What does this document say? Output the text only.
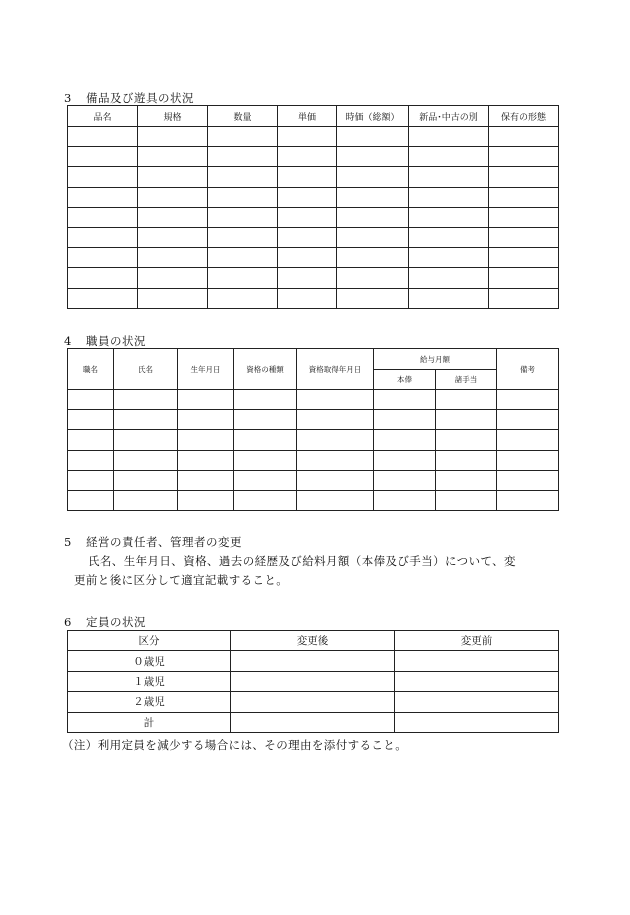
3 備品及び遊具の状況
品名	規格	数量	単価	時価（総額）	新品･中古の別	保有の形態

4 職員の状況
職名	氏名	生年月日	資格の種類	資格取得年月日	給与月額		備考
					本俸	諸手当	

5 経営の責任者、管理者の変更
氏名、生年月日、資格、過去の経歴及び給料月額（本俸及び手当）について、変
更前と後に区分して適宜記載すること。
6 定員の状況
区分	変更後	変更前
０歳児		
１歳児		
２歳児		
計		
（注）利用定員を減少する場合には、その理由を添付すること。
